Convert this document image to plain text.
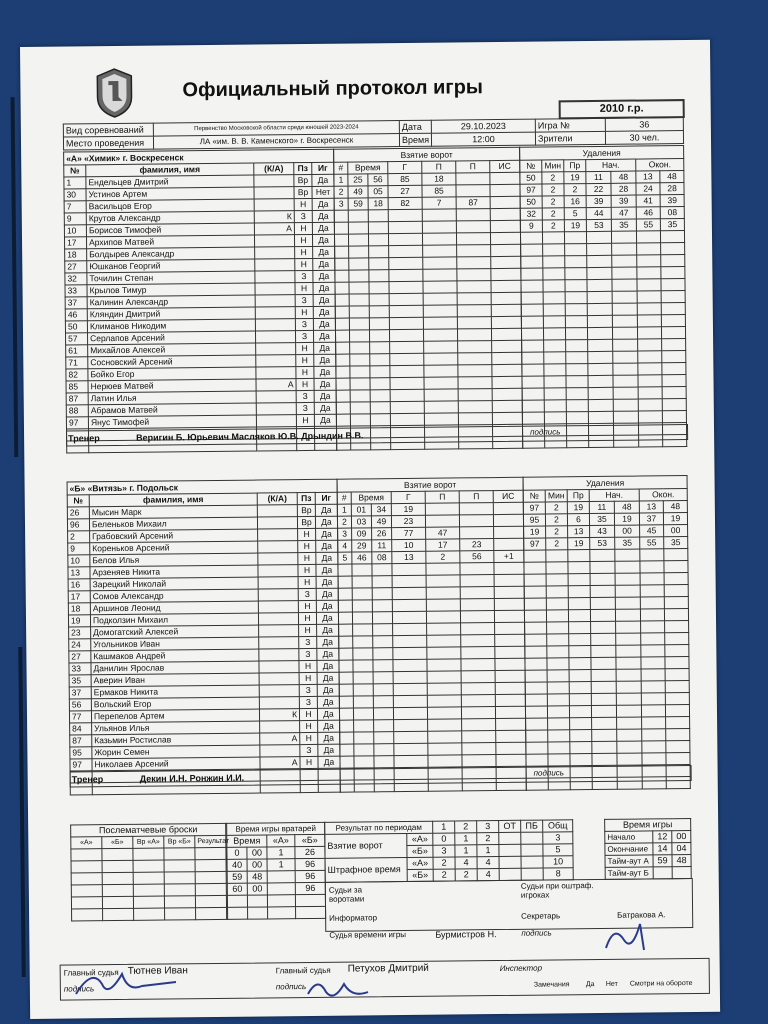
Официальный протокол игры
2010 г.р.
Вид соревнований	Первенство Московской области среди юношей 2023-2024	Дата	29.10.2023	Игра №	36
Место проведения	ЛА «им. В. В. Каменского» г. Воскресенск	Время	12:00	Зрители	30 чел.
«А» «Химик» г. Воскресенск				
№	фамилия, имя	(К/А)	Пз	Иг
1	Ендельцев Дмитрий		Вр	Да
30	Устинов Артем		Вр	Нет
7	Васильцов Егор		Н	Да
9	Крутов Александр	К	З	Да
10	Борисов Тимофей	А	Н	Да
17	Архипов Матвей		Н	Да
18	Болдырев Александр		Н	Да
27	Юшканов Георгий		Н	Да
32	Точилин Степан		З	Да
33	Крылов Тимур		Н	Да
37	Калинин Александр		З	Да
46	Кляндин Дмитрий		Н	Да
50	Климанов Никодим		З	Да
57	Серлапов Арсений		З	Да
61	Михайлов Алексей		Н	Да
71	Сосновский Арсений		Н	Да
82	Бойко Егор		Н	Да
85	Нерюев Матвей	А	Н	Да
87	Латин Илья		З	Да
88	Абрамов Матвей		З	Да
97	Янус Тимофей		Н	Да

Взятие ворот						
#	Время		Г	П	П	ИС
1	25	56	85	18		
2	49	05	27	85		
3	59	18	82	7	87	

Удаления						
№	Мин	Пр	Нач.		Окон.	
50	2	19	11	48	13	48
97	2	2	22	28	24	28
50	2	16	39	39	41	39
32	2	5	44	47	46	08
9	2	19	53	35	55	35

Тренер	Веригин Б. Юрьевич Масляков Ю.В. Дрындин В.В.	подпись
«Б» «Витязь» г. Подольск				
№	фамилия, имя	(К/А)	Пз	Иг
26	Мысин Марк		Вр	Да
96	Беленьков Михаил		Вр	Да
2	Грабовский Арсений		Н	Да
9	Кореньков Арсений		Н	Да
10	Белов Илья		Н	Да
13	Арзеняев Никита		Н	Да
16	Зарецкий Николай		Н	Да
17	Сомов Александр		З	Да
18	Аршинов Леонид		Н	Да
19	Подколзин Михаил		Н	Да
23	Домогатский Алексей		Н	Да
24	Угольников Иван		З	Да
27	Кашмаков Андрей		З	Да
33	Данилин Ярослав		Н	Да
35	Аверин Иван		Н	Да
37	Ермаков Никита		З	Да
56	Вольский Егор		З	Да
77	Перепелов Артем	К	Н	Да
84	Ульянов Илья		Н	Да
87	Казьмин Ростислав	А	Н	Да
95	Жорин Семен		З	Да
97	Николаев Арсений	А	Н	Да

Взятие ворот						
#	Время		Г	П	П	ИС
1	01	34	19			
2	03	49	23			
3	09	26	77	47		
4	29	11	10	17	23	
5	46	08	13	2	56	+1

Удаления						
№	Мин	Пр	Нач.		Окон.	
97	2	19	11	48	13	48
95	2	6	35	19	37	19
19	2	13	43	00	45	00
97	2	19	53	35	55	35

Тренер	Декин И.Н. Ронжин И.И.	подпись
Послематчевые броски				
«А»	«Б»	Вр «А»	Вр «Б»	Результат

Время игры вратарей			
Время		«А»	«Б»
0	00	1	26
40	00	1	96
59	48		96
60	00		96

Результат по периодам		1	2	3	ОТ	ПБ	Общ
Взятие ворот	«А»	0	1	2			3
	«Б»	3	1	1			5
Штрафное время	«А»	2	4	4			10
	«Б»	2	2	4			8
Время игры		
Начало	12	00
Окончание	14	04
Тайм-аут А	59	48
Тайм-аут Б		
Судьи за воротами
Судьи при оштраф. игроках
Информатор	Секретарь	Батракова А.
Судья времени игры	Бурмистров Н.	подпись
Главный судья Тютнев Иван
подпись
Главный судья Петухов Дмитрий
подпись
Инспектор
Замечания Да Нет Смотри на обороте
